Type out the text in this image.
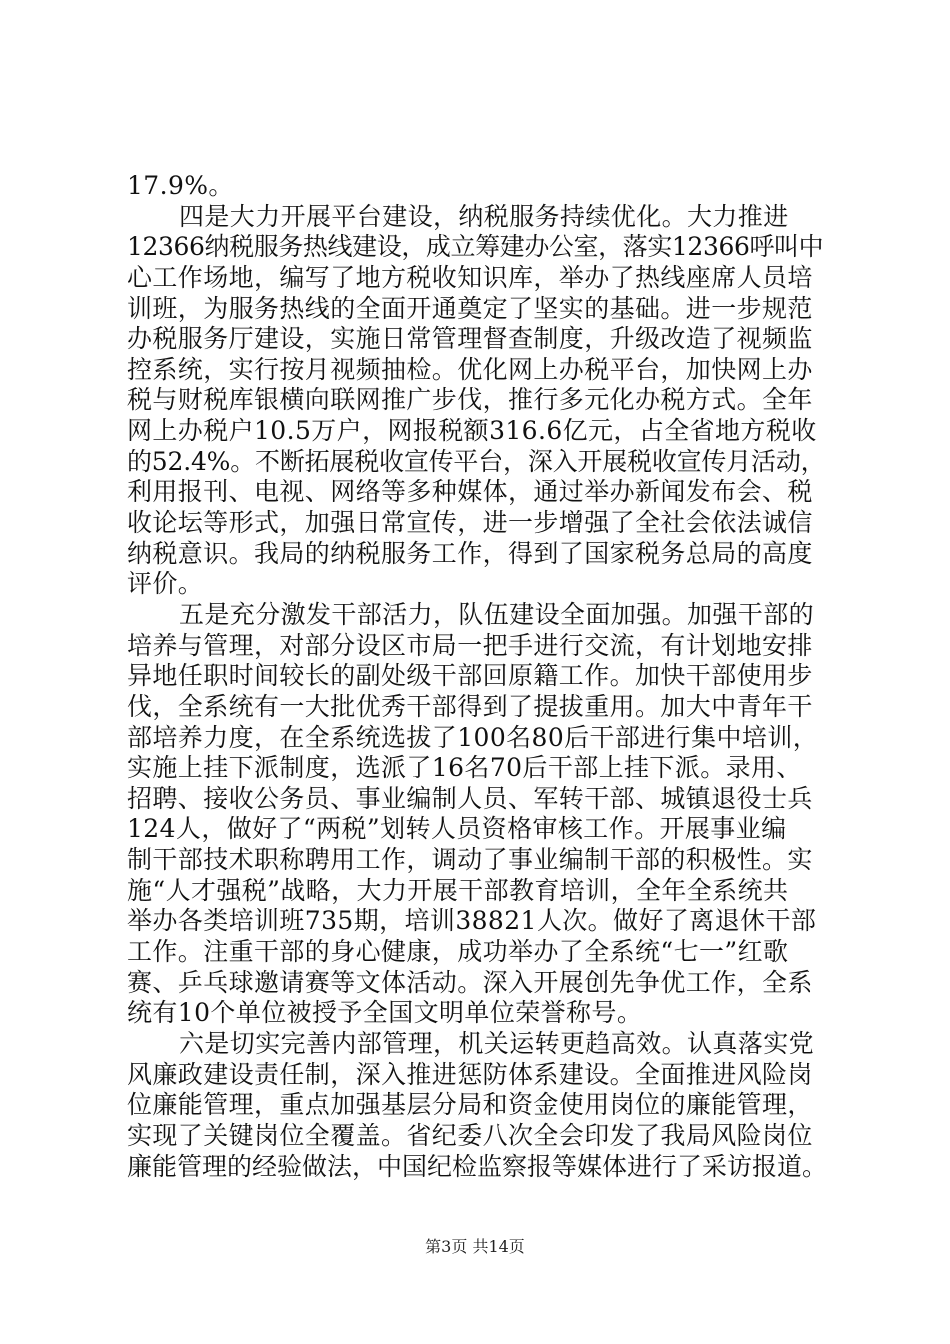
17.9%。
四是大力开展平台建设，纳税服务持续优化。大力推进
12366纳税服务热线建设，成立筹建办公室，落实12366呼叫中
心工作场地，编写了地方税收知识库，举办了热线座席人员培
训班，为服务热线的全面开通奠定了坚实的基础。进一步规范
办税服务厅建设，实施日常管理督查制度，升级改造了视频监
控系统，实行按月视频抽检。优化网上办税平台，加快网上办
税与财税库银横向联网推广步伐，推行多元化办税方式。全年
网上办税户10.5万户，网报税额316.6亿元，占全省地方税收
的52.4%。不断拓展税收宣传平台，深入开展税收宣传月活动，
利用报刊、电视、网络等多种媒体，通过举办新闻发布会、税
收论坛等形式，加强日常宣传，进一步增强了全社会依法诚信
纳税意识。我局的纳税服务工作，得到了国家税务总局的高度
评价。
五是充分激发干部活力，队伍建设全面加强。加强干部的
培养与管理，对部分设区市局一把手进行交流，有计划地安排
异地任职时间较长的副处级干部回原籍工作。加快干部使用步
伐，全系统有一大批优秀干部得到了提拔重用。加大中青年干
部培养力度，在全系统选拔了100名80后干部进行集中培训，
实施上挂下派制度，选派了16名70后干部上挂下派。录用、
招聘、接收公务员、事业编制人员、军转干部、城镇退役士兵
124人，做好了“两税”划转人员资格审核工作。开展事业编
制干部技术职称聘用工作，调动了事业编制干部的积极性。实
施“人才强税”战略，大力开展干部教育培训，全年全系统共
举办各类培训班735期，培训38821人次。做好了离退休干部
工作。注重干部的身心健康，成功举办了全系统“七一”红歌
赛、乒乓球邀请赛等文体活动。深入开展创先争优工作，全系
统有10个单位被授予全国文明单位荣誉称号。
六是切实完善内部管理，机关运转更趋高效。认真落实党
风廉政建设责任制，深入推进惩防体系建设。全面推进风险岗
位廉能管理，重点加强基层分局和资金使用岗位的廉能管理，
实现了关键岗位全覆盖。省纪委八次全会印发了我局风险岗位
廉能管理的经验做法，中国纪检监察报等媒体进行了采访报道。
第3页 共14页
